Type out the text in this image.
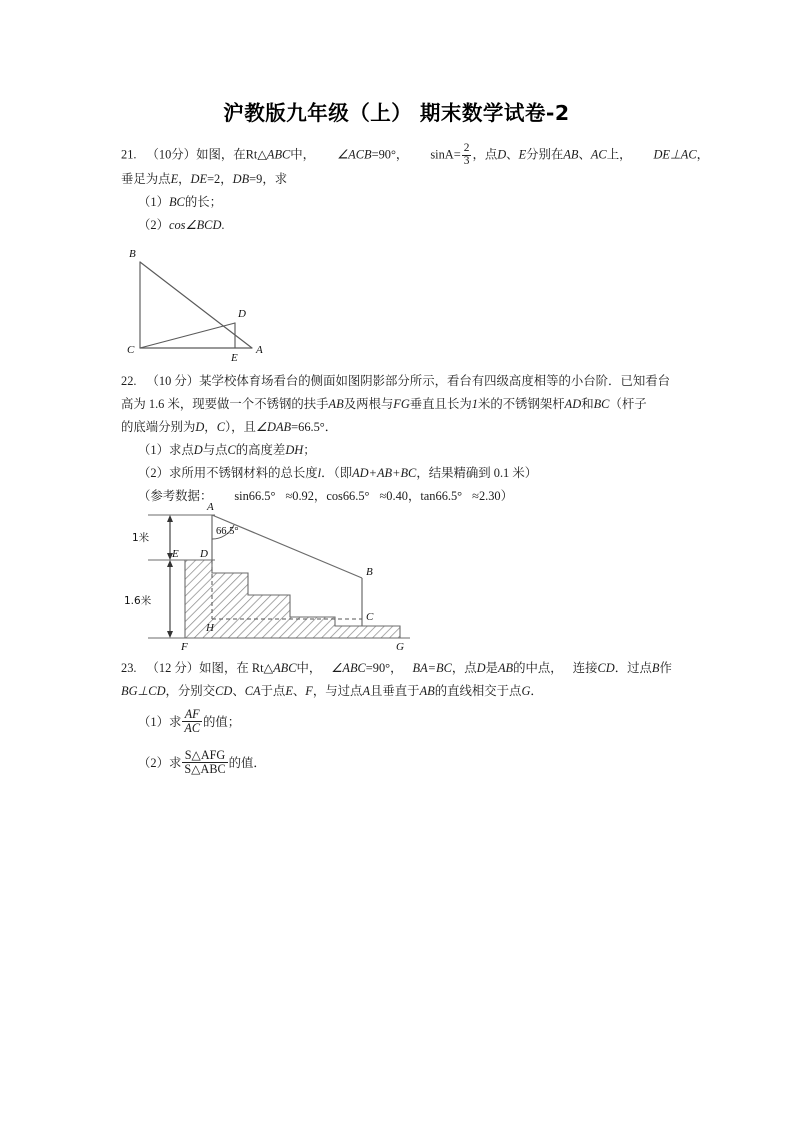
沪教版九年级（上） 期末数学试卷-2
21. （10分）如图，在Rt△ABC中， ∠ACB=90°， $\sin A= \frac{2}{3}$ ，点D、E分别在AB、AC上， DE⊥AC，
垂足为点E，DE=2，DB=9，求
（1）BC的长；
（2）cos∠BCD.
B
C	A
D
E
22. （10 分）某学校体育场看台的侧面如图阴影部分所示，看台有四级高度相等的小台阶．已知看台
高为 1.6 米，现要做一个不锈钢的扶手AB及两根与FG垂直且长为1米的不锈钢架杆AD和BC（杆子
的底端分别为D，C），且∠DAB=66.5°．
（1）求点D与点C的高度差DH；
（2）求所用不锈钢材料的总长度l．（即AD+AB+BC，结果精确到 0.1 米）
（参考数据： sin66.5° ≈0.92，cos66.5° ≈0.40，tan66.5° ≈2.30）
A
B
C
D
E
F	G
H
66.5°
1米
1.6米
23. （12 分）如图，在 Rt△ABC中， ∠ABC=90°， BA=BC，点D是AB的中点， 连接CD．过点B作
BG⊥CD，分别交CD、CA于点E、F，与过点A且垂直于AB的直线相交于点G．
（1）求 $\frac{AF}{AC}$ 的值；
（2）求 $\frac{\text{S△AFG}}{\text{S△ABC}}$ 的值．
